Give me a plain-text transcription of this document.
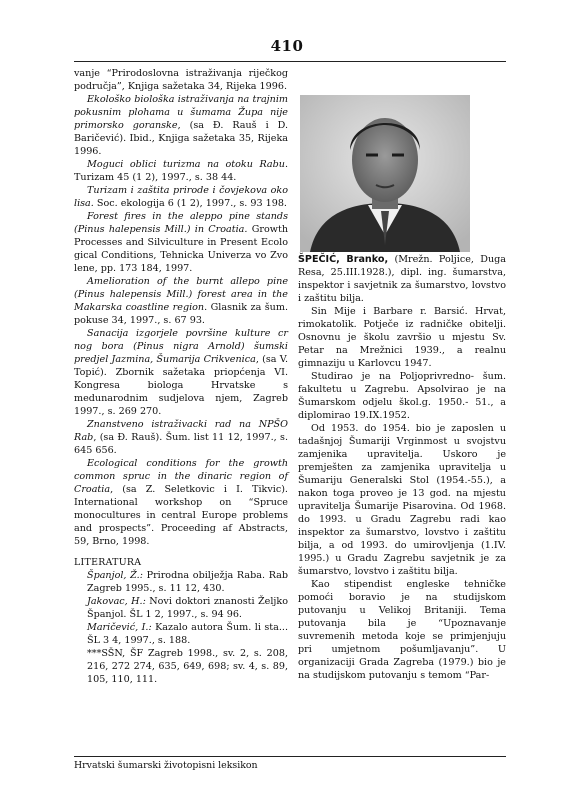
410

vanje “Prirodoslovna istraživanja riječkog područja”, Knjiga sažetaka 34, Rijeka 1996.

Ekološko biološka istraživanja na trajnim pokusnim plohama u šumama Župa nije primorsko goranske, (sa Đ. Rauš i D. Baričević). Ibid., Knjiga sažetaka 35, Rijeka 1996.

Moguci oblici turizma na otoku Rabu. Turizam 45 (1 2), 1997., s. 38 44.

Turizam i zaštita prirode i čovjekova oko lisa. Soc. ekologija 6 (1 2), 1997., s. 93 198.

Forest fires in the aleppo pine stands (Pinus halepensis Mill.) in Croatia. Growth Processes and Silviculture in Present Ecolo gical Conditions, Tehnicka Univerza vo Zvo lene, pp. 173 184, 1997.

Amelioration of the burnt allepo pine (Pinus halepensis Mill.) forest area in the Makarska coastline region. Glasnik za šum. pokuse 34, 1997., s. 67 93.

Sanacija izgorjele površine kulture cr nog bora (Pinus nigra Arnold) šumski predjel Jazmina, Šumarija Crikvenica, (sa V. Topić). Zbornik sažetaka priopćenja VI. Kongresa biologa Hrvatske s medunarodnim sudjelova njem, Zagreb 1997., s. 269 270.

Znanstveno istraživacki rad na NPŠO Rab, (sa Đ. Rauš). Šum. list 11 12, 1997., s. 645 656.

Ecological conditions for the growth common spruc in the dinaric region of Croatia, (sa Z. Seletkovic i I. Tikvic). International workshop on “Spruce monocultures in central Europe problems and prospects”. Proceeding af Abstracts, 59, Brno, 1998.

LITERATURA

Španjol, Ž.: Prirodna obilježja Raba. Rab Zagreb 1995., s. 11 12, 430.

Jakovac, H.: Novi doktori znanosti Željko Španjol. ŠL 1 2, 1997., s. 94 96.

Maričević, I.: Kazalo autora Šum. li sta... ŠL 3 4, 1997., s. 188.

***SŠN, ŠF Zagreb 1998., sv. 2, s. 208, 216, 272 274, 635, 649, 698; sv. 4, s. 89, 105, 110, 111.

ŠPEČIĆ, Branko, (Mrežn. Poljice, Duga Resa, 25.III.1928.), dipl. ing. šumarstva, inspektor i savjetnik za šumarstvo, lovstvo i zaštitu bilja.

Sin Mije i Barbare r. Barsić. Hrvat, rimokatolik. Potječe iz radničke obitelji. Osnovnu je školu završio u mjestu Sv. Petar na Mrežnici 1939., a realnu gimnaziju u Karlovcu 1947.

Studirao je na Poljoprivredno- šum. fakultetu u Zagrebu. Apsolvirao je na Šumarskom odjelu škol.g. 1950.- 51., a diplomirao 19.IX.1952.

Od 1953. do 1954. bio je zaposlen u tadašnjoj Šumariji Vrginmost u svojstvu zamjenika upravitelja. Uskoro je premješten za zamjenika upravitelja u Šumariju Generalski Stol (1954.-55.), a nakon toga proveo je 13 god. na mjestu upravitelja Šumarije Pisarovina. Od 1968. do 1993. u Gradu Zagrebu radi kao inspektor za šumarstvo, lovstvo i zaštitu bilja, a od 1993. do umirovljenja (1.IV. 1995.) u Gradu Zagrebu savjetnik je za šumarstvo, lovstvo i zaštitu bilja.

Kao stipendist engleske tehničke pomoći boravio je na studijskom putovanju u Velikoj Britaniji. Tema putovanja bila je “Upoznavanje suvremenih metoda koje se primjenjuju pri umjetnom pošumljavanju”. U organizaciji Grada Zagreba (1979.) bio je na studijskom putovanju s temom “Par-

Hrvatski šumarski životopisni leksikon
